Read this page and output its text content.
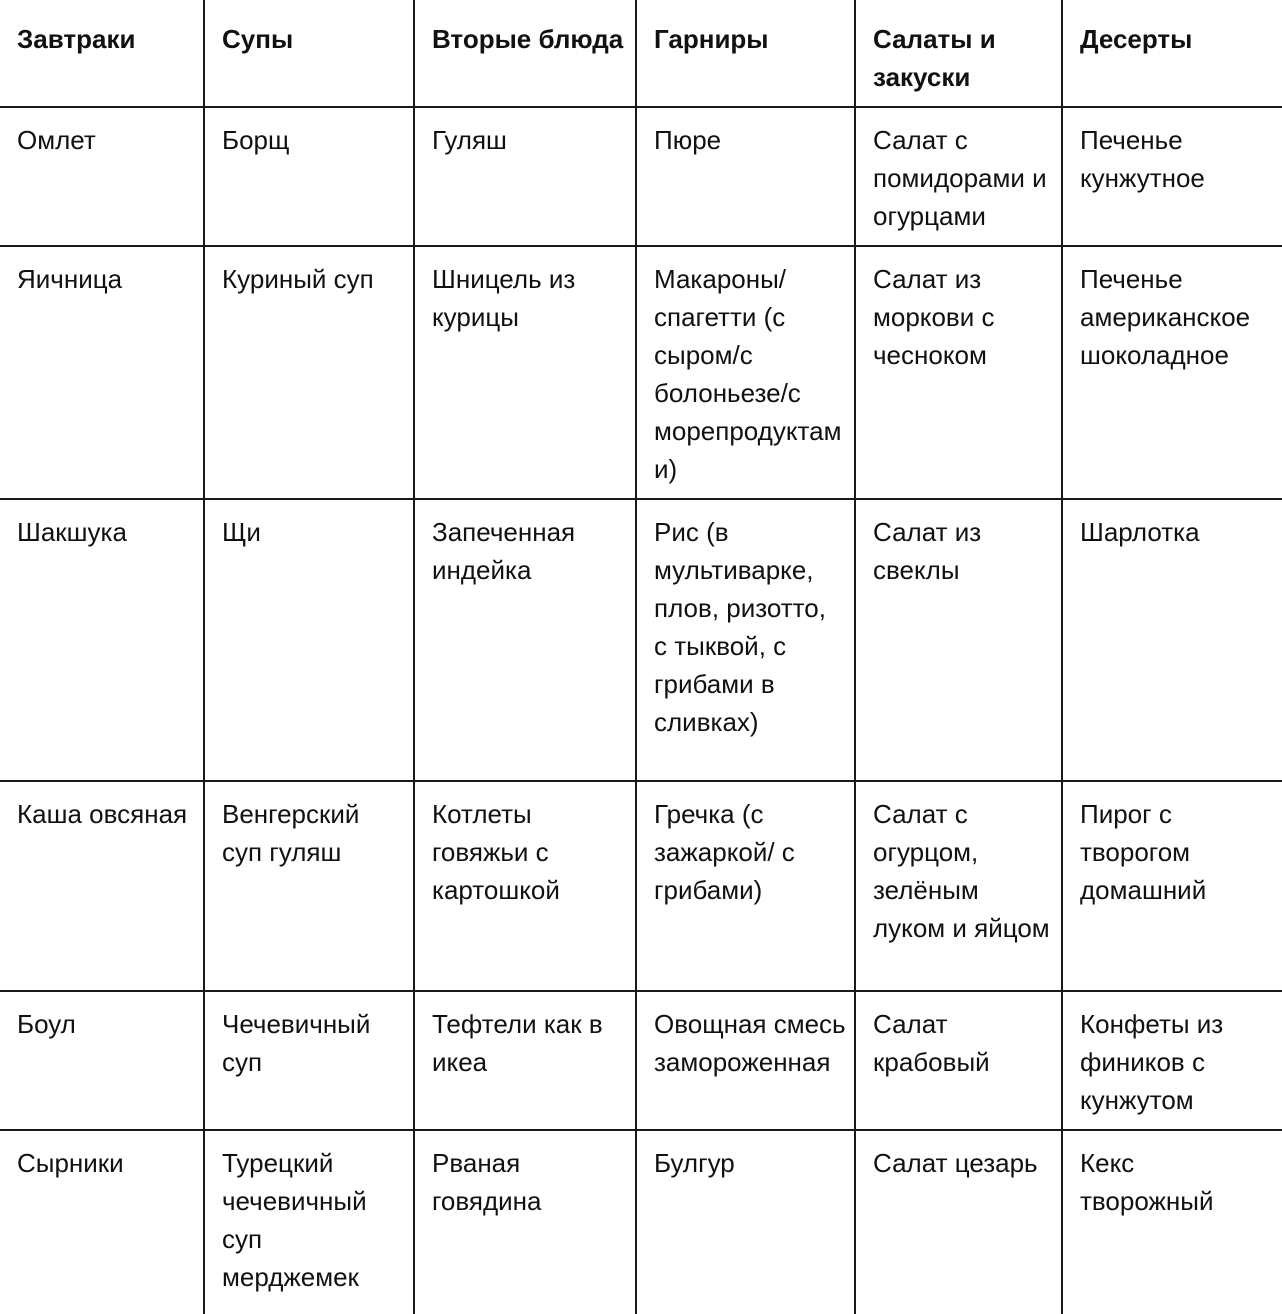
Завтраки	Супы	Вторые блюда	Гарниры	Салаты и закуски	Десерты
Омлет	Борщ	Гуляш	Пюре	Салат с помидорами и огурцами	Печенье кунжутное
Яичница	Куриный суп	Шницель из курицы	Макароны/спагетти (с сыром/с болоньезе/с морепродуктами)	Салат из моркови с чесноком	Печенье американское шоколадное
Шакшука	Щи	Запеченная индейка	Рис (в мультиварке, плов, ризотто, с тыквой, с грибами в сливках)	Салат из свеклы	Шарлотка
Каша овсяная	Венгерский суп гуляш	Котлеты говяжьи с картошкой	Гречка (с зажаркой/ с грибами)	Салат с огурцом, зелёным луком и яйцом	Пирог с творогом домашний
Боул	Чечевичный суп	Тефтели как в икеа	Овощная смесь замороженная	Салат крабовый	Конфеты из фиников с кунжутом
Сырники	Турецкий чечевичный суп мерджемек	Рваная говядина	Булгур	Салат цезарь	Кекс творожный
